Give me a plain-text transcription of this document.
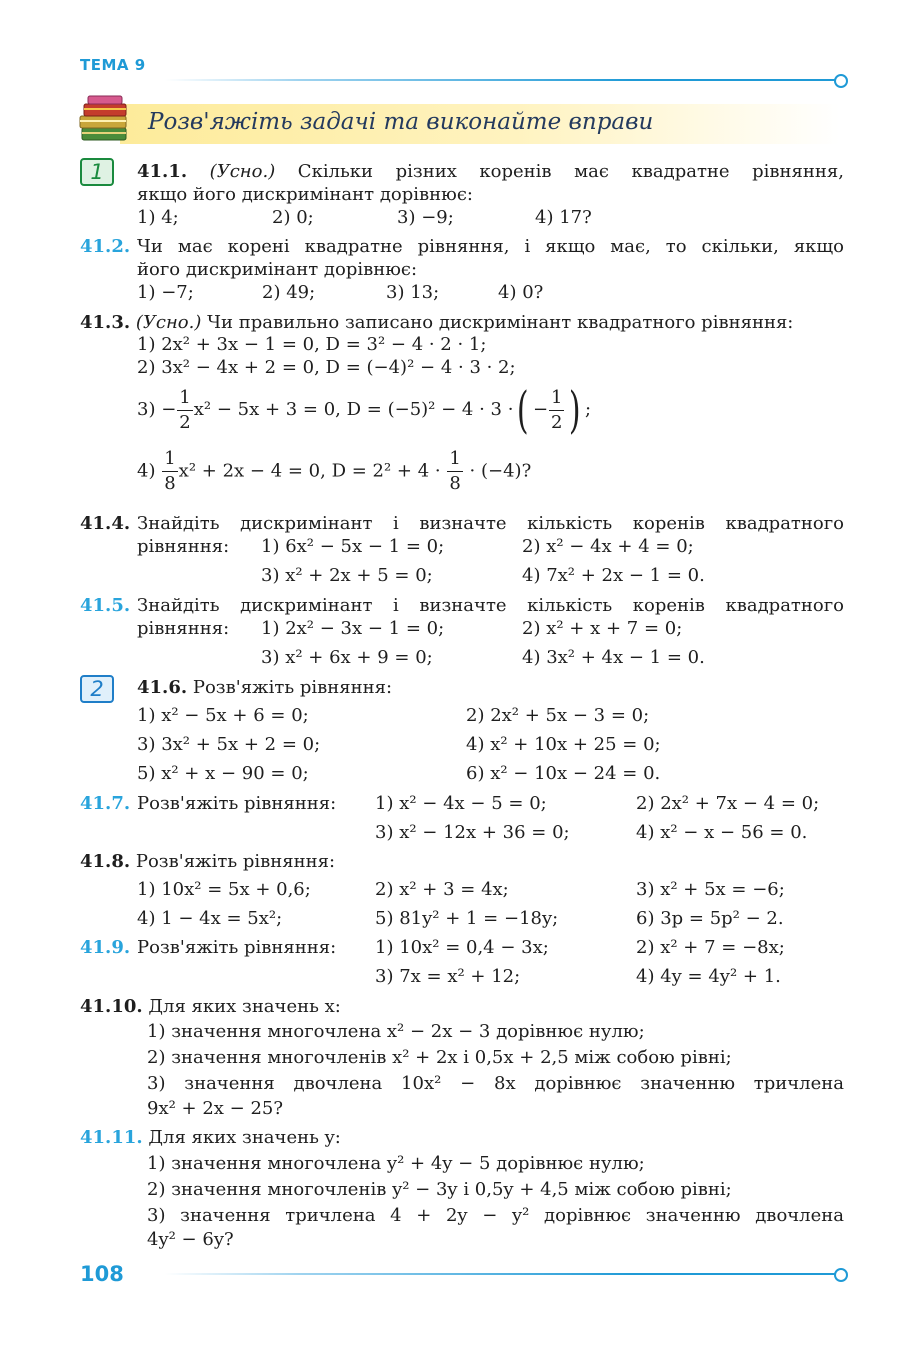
ТЕМА 9
Розв'яжіть задачі та виконайте вправи
1	41.1. (Усно.) Скільки різних коренів має квадратне рівняння,
якщо його дискримінант дорівнює:
1) 4;	2) 0;	3) −9;	4) 17?
41.2. Чи має корені квадратне рівняння, і якщо має, то скільки, якщо
його дискримінант дорівнює:
1) −7;	2) 49;	3) 13;	4) 0?
41.3. (Усно.) Чи правильно записано дискримінант квадратного рівняння:
1) 2x² + 3x − 1 = 0, D = 3² − 4 · 2 · 1;
2) 3x² − 4x + 2 = 0, D = (−4)² − 4 · 3 · 2;
$3) - \frac{1}{2} x^2 - 5x + 3 = 0$, D = (−5)² − 4 · 3 ·( − $\frac{1}{2}$ ) ;
$4) \frac{1}{8} x^2 + 2x - 4 = 0$, $D = 2^2 + 4 \cdot \frac{1}{8} \cdot (-4)$?
41.4. Знайдіть дискримінант і визначте кількість коренів квадратного
рівняння: 1) 6x² − 5x − 1 = 0;	2) x² − 4x + 4 = 0;
3) x² + 2x + 5 = 0;	4) 7x² + 2x − 1 = 0.
41.5. Знайдіть дискримінант і визначте кількість коренів квадратного
рівняння: 1) 2x² − 3x − 1 = 0;	2) x² + x + 7 = 0;
3) x² + 6x + 9 = 0;	4) 3x² + 4x − 1 = 0.
2	41.6. Розв'яжіть рівняння:
1) x² − 5x + 6 = 0;	2) 2x² + 5x − 3 = 0;
3) 3x² + 5x + 2 = 0;	4) x² + 10x + 25 = 0;
5) x² + x − 90 = 0;	6) x² − 10x − 24 = 0.
41.7. Розв'яжіть рівняння: 1) x² − 4x − 5 = 0;	2) 2x² + 7x − 4 = 0;
3) x² − 12x + 36 = 0;	4) x² − x − 56 = 0.
41.8. Розв'яжіть рівняння:
1) 10x² = 5x + 0,6;	2) x² + 3 = 4x;	3) x² + 5x = −6;
4) 1 − 4x = 5x²;	5) 81y² + 1 = −18y;	6) 3p = 5p² − 2.
41.9. Розв'яжіть рівняння: 1) 10x² = 0,4 − 3x;	2) x² + 7 = −8x;
3) 7x = x² + 12;	4) 4y = 4y² + 1.
41.10. Для яких значень x:
1) значення многочлена x² − 2x − 3 дорівнює нулю;
2) значення многочленів x² + 2x і 0,5x + 2,5 між собою рівні;
3) значення двочлена 10x² − 8x дорівнює значенню тричлена
9x² + 2x − 25?
41.11. Для яких значень y:
1) значення многочлена y² + 4y − 5 дорівнює нулю;
2) значення многочленів y² − 3y і 0,5y + 4,5 між собою рівні;
3) значення тричлена 4 + 2y − y² дорівнює значенню двочлена
4y² − 6y?
108
